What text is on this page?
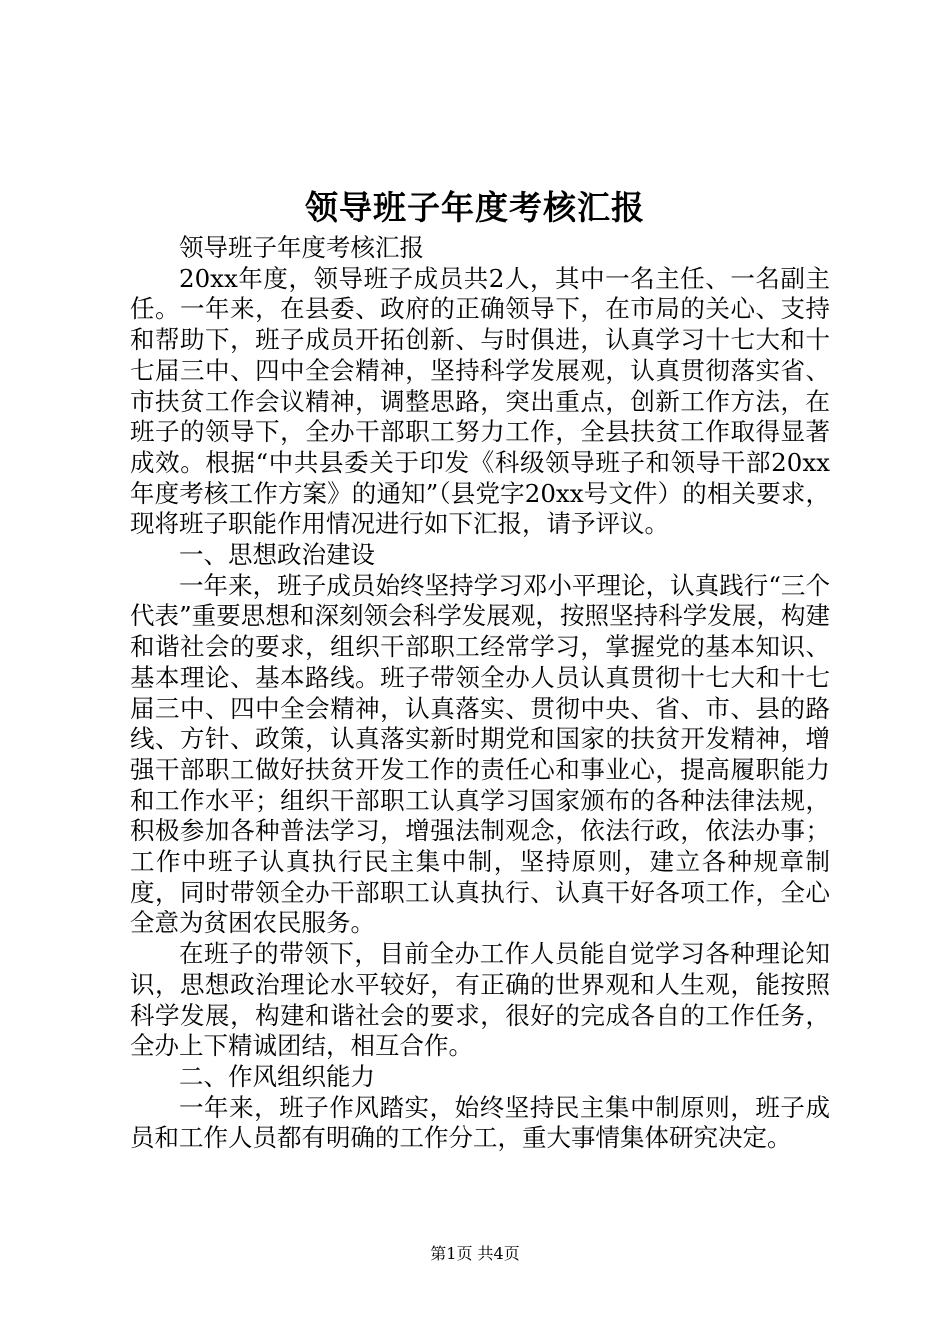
领导班子年度考核汇报

领导班子年度考核汇报

20xx年度，领导班子成员共2人，其中一名主任、一名副主任。一年来，在县委、政府的正确领导下，在市局的关心、支持和帮助下，班子成员开拓创新、与时俱进，认真学习十七大和十七届三中、四中全会精神，坚持科学发展观，认真贯彻落实省、市扶贫工作会议精神，调整思路，突出重点，创新工作方法，在班子的领导下，全办干部职工努力工作，全县扶贫工作取得显著成效。根据“中共县委关于印发《科级领导班子和领导干部20xx年度考核工作方案》的通知”（县党字20xx号文件）的相关要求，现将班子职能作用情况进行如下汇报，请予评议。

一、思想政治建设

一年来，班子成员始终坚持学习邓小平理论，认真践行“三个代表”重要思想和深刻领会科学发展观，按照坚持科学发展，构建和谐社会的要求，组织干部职工经常学习，掌握党的基本知识、基本理论、基本路线。班子带领全办人员认真贯彻十七大和十七届三中、四中全会精神，认真落实、贯彻中央、省、市、县的路线、方针、政策，认真落实新时期党和国家的扶贫开发精神，增强干部职工做好扶贫开发工作的责任心和事业心，提高履职能力和工作水平；组织干部职工认真学习国家颁布的各种法律法规，积极参加各种普法学习，增强法制观念，依法行政，依法办事；工作中班子认真执行民主集中制，坚持原则，建立各种规章制度，同时带领全办干部职工认真执行、认真干好各项工作，全心全意为贫困农民服务。

在班子的带领下，目前全办工作人员能自觉学习各种理论知识，思想政治理论水平较好，有正确的世界观和人生观，能按照科学发展，构建和谐社会的要求，很好的完成各自的工作任务，全办上下精诚团结，相互合作。

二、作风组织能力

一年来，班子作风踏实，始终坚持民主集中制原则，班子成员和工作人员都有明确的工作分工，重大事情集体研究决定。

第1页 共4页
